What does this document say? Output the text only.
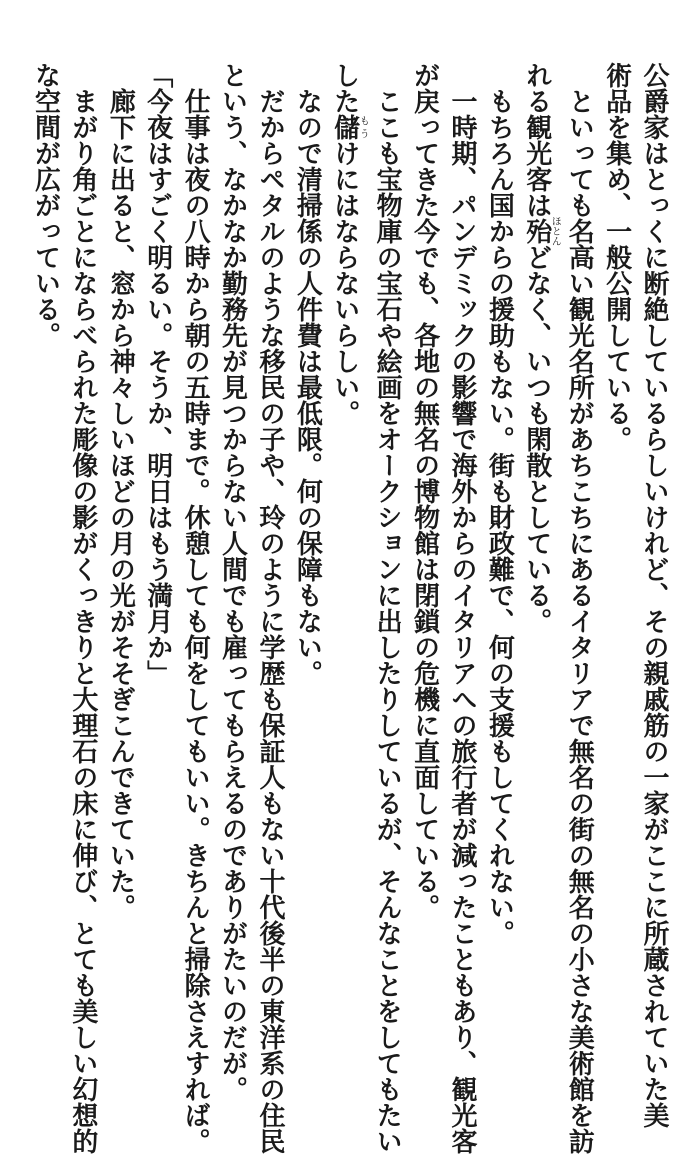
公爵家はとっくに断絶しているらしいけれど、その親戚筋の一家がここに所蔵されていた美
術品を集め、一般公開している。
　といっても名高い観光名所があちこちにあるイタリアで無名の街の無名の小さな美術館を訪
れる観光客は殆ほとんどなく、いつも閑散としている。
　もちろん国からの援助もない。街も財政難で、何の支援もしてくれない。
　一時期、パンデミックの影響で海外からのイタリアへの旅行者が減ったこともあり、観光客
が戻ってきた今でも、各地の無名の博物館は閉鎖の危機に直面している。
　ここも宝物庫の宝石や絵画をオークションに出したりしているが、そんなことをしてもたい
した儲もうけにはならないらしい。
　なので清掃係の人件費は最低限。何の保障もない。
　だからペタルのような移民の子や、玲のように学歴も保証人もない十代後半の東洋系の住民
という、なかなか勤務先が見つからない人間でも雇ってもらえるのでありがたいのだが。
　仕事は夜の八時から朝の五時まで。休憩しても何をしてもいい。きちんと掃除さえすれば。
「今夜はすごく明るい。そうか、明日はもう満月か」
　廊下に出ると、窓から神々しいほどの月の光がそそぎこんできていた。
　まがり角ごとにならべられた彫像の影がくっきりと大理石の床に伸び、とても美しい幻想的
な空間が広がっている。
